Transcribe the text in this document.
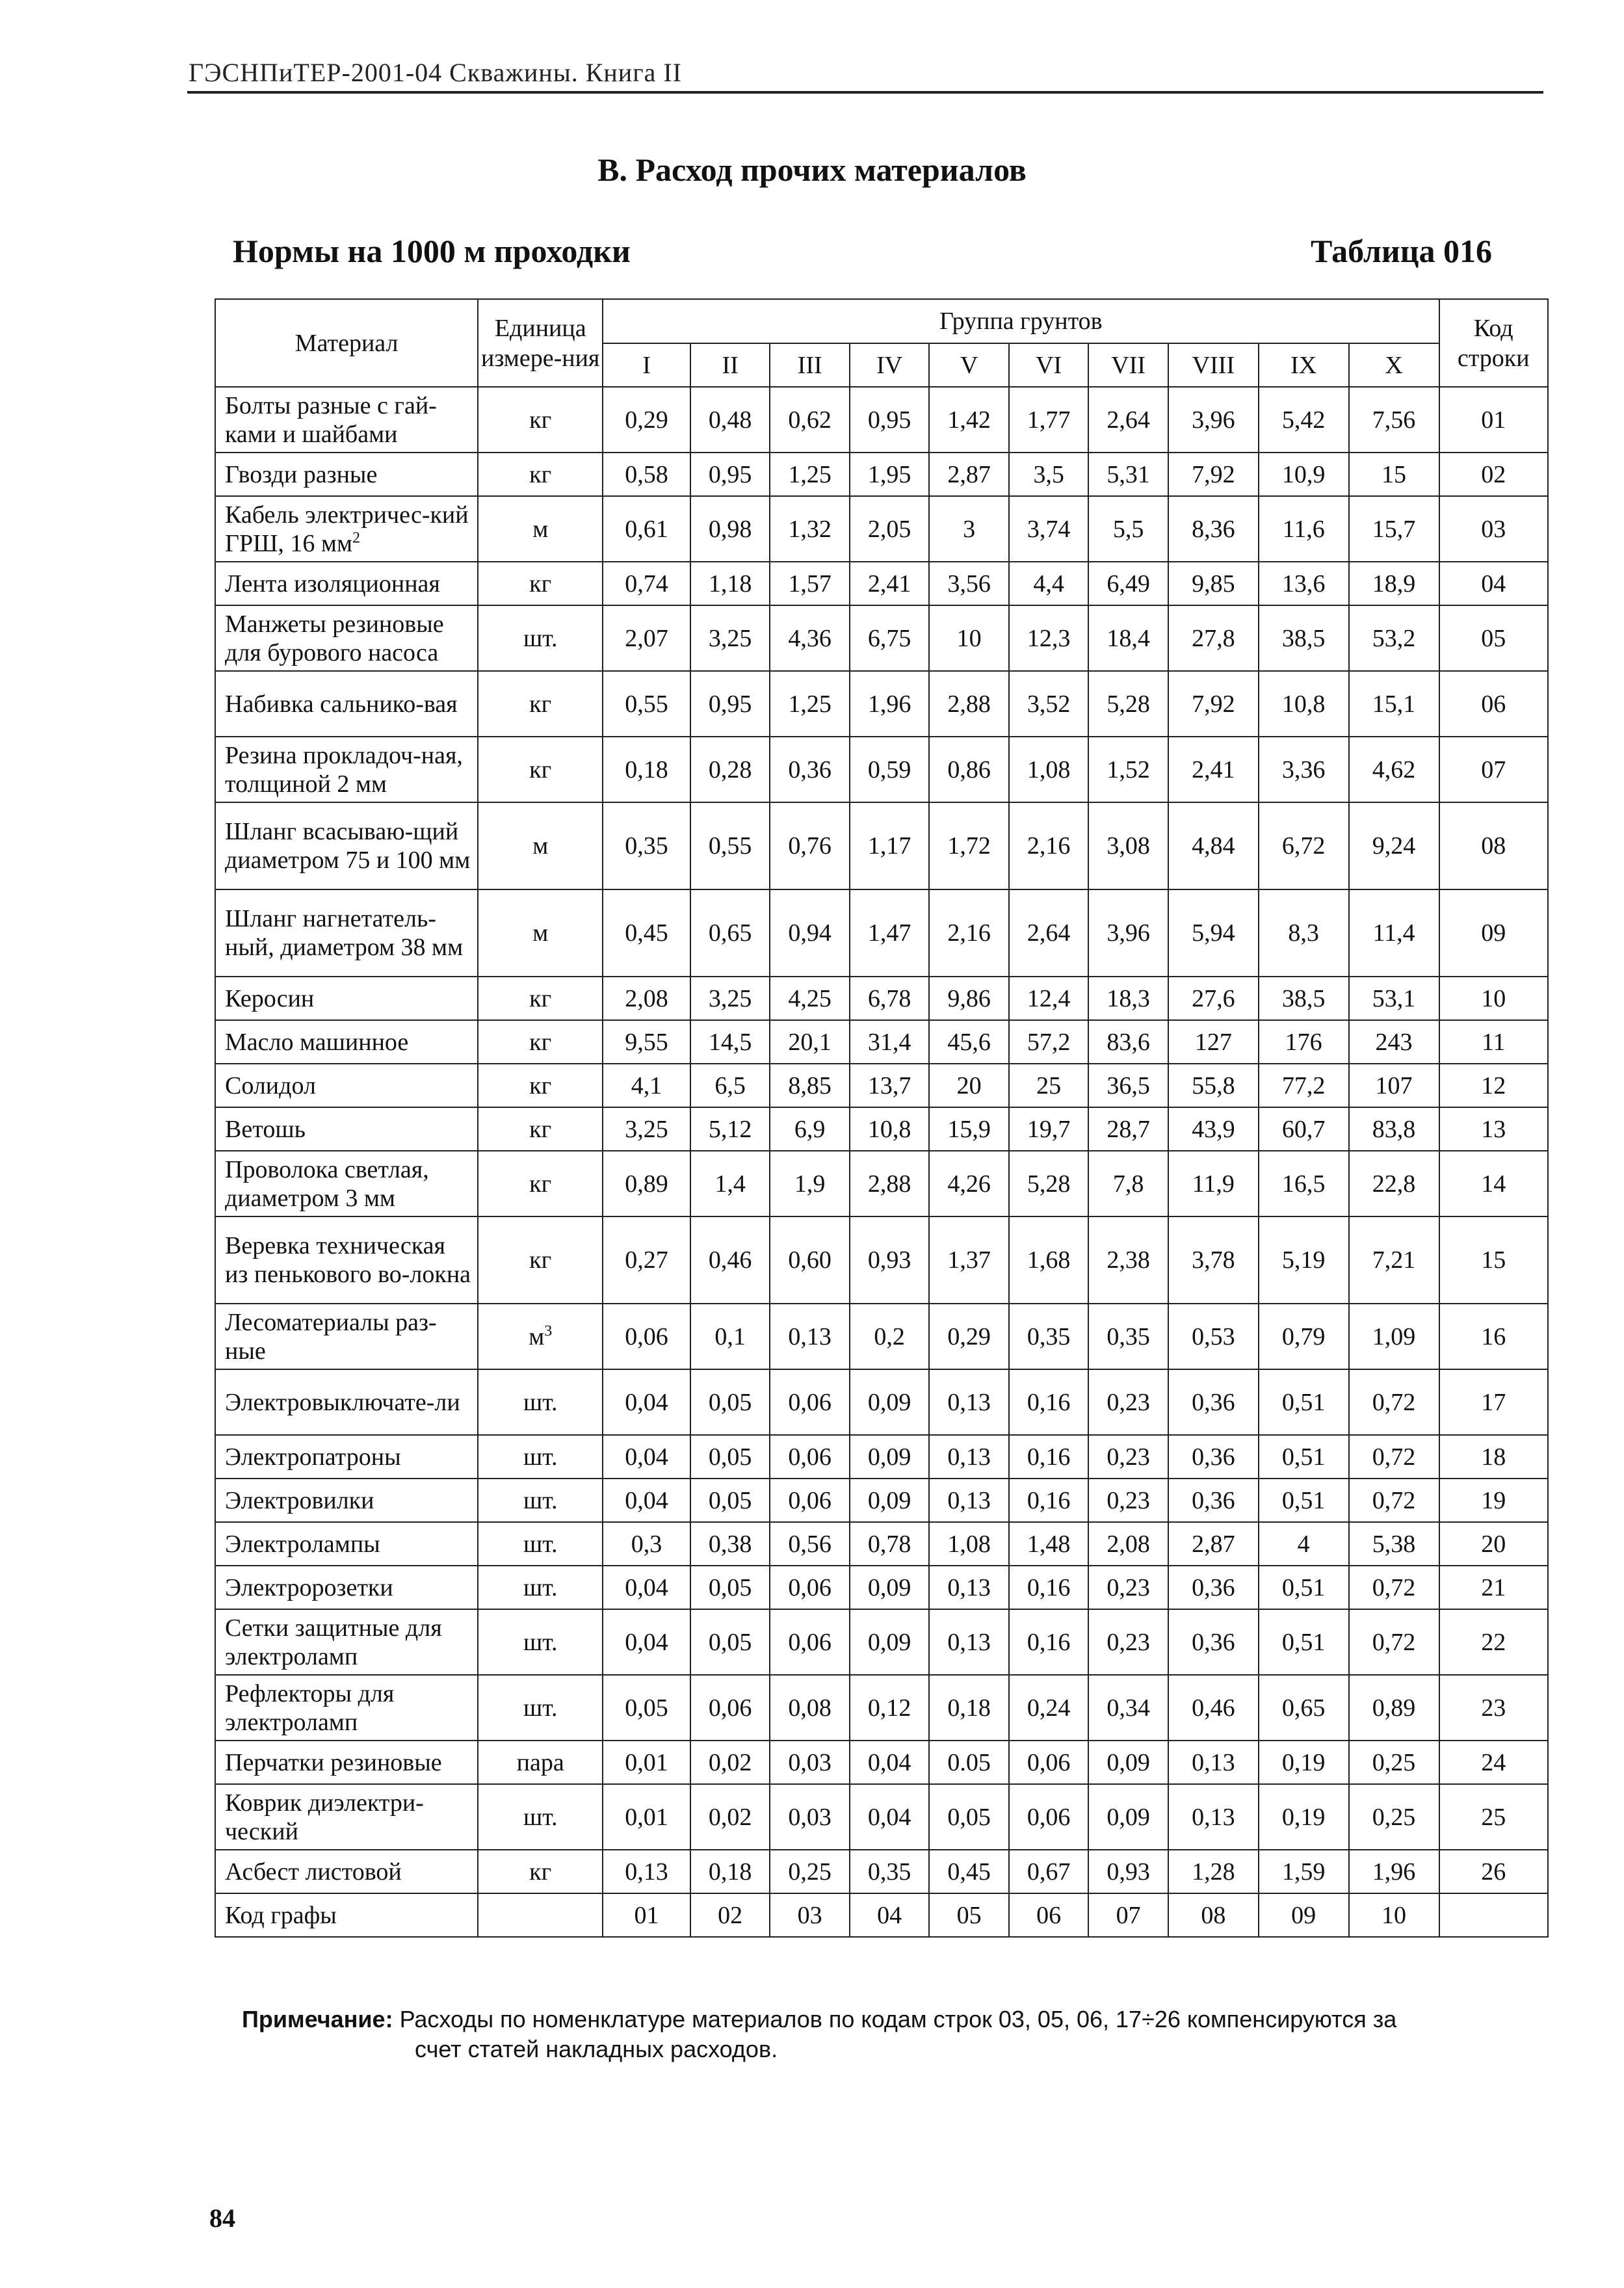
ГЭСНПиТЕР-2001-04 Скважины. Книга II
В. Расход прочих материалов
Нормы на 1000 м проходки	Таблица 016
Материал	Единица измере-ния	Группа грунтов										Код строки
		I	II	III	IV	V	VI	VII	VIII	IX	X	
Болты разные с гай-ками и шайбами	кг	0,29	0,48	0,62	0,95	1,42	1,77	2,64	3,96	5,42	7,56	01
Гвозди разные	кг	0,58	0,95	1,25	1,95	2,87	3,5	5,31	7,92	10,9	15	02
Кабель электричес-кий ГРШ, 16 $мм^2$	м	0,61	0,98	1,32	2,05	3	3,74	5,5	8,36	11,6	15,7	03
Лента изоляционная	кг	0,74	1,18	1,57	2,41	3,56	4,4	6,49	9,85	13,6	18,9	04
Манжеты резиновые для бурового насоса	шт.	2,07	3,25	4,36	6,75	10	12,3	18,4	27,8	38,5	53,2	05
Набивка сальнико-вая	кг	0,55	0,95	1,25	1,96	2,88	3,52	5,28	7,92	10,8	15,1	06
Резина прокладоч-ная, толщиной 2 мм	кг	0,18	0,28	0,36	0,59	0,86	1,08	1,52	2,41	3,36	4,62	07
Шланг всасываю-щий диаметром 75 и 100 мм	м	0,35	0,55	0,76	1,17	1,72	2,16	3,08	4,84	6,72	9,24	08
Шланг нагнетатель-ный, диаметром 38 мм	м	0,45	0,65	0,94	1,47	2,16	2,64	3,96	5,94	8,3	11,4	09
Керосин	кг	2,08	3,25	4,25	6,78	9,86	12,4	18,3	27,6	38,5	53,1	10
Масло машинное	кг	9,55	14,5	20,1	31,4	45,6	57,2	83,6	127	176	243	11
Солидол	кг	4,1	6,5	8,85	13,7	20	25	36,5	55,8	77,2	107	12
Ветошь	кг	3,25	5,12	6,9	10,8	15,9	19,7	28,7	43,9	60,7	83,8	13
Проволока светлая, диаметром 3 мм	кг	0,89	1,4	1,9	2,88	4,26	5,28	7,8	11,9	16,5	22,8	14
Веревка техническая из пенькового во-локна	кг	0,27	0,46	0,60	0,93	1,37	1,68	2,38	3,78	5,19	7,21	15
Лесоматериалы раз-ные	$м^3$	0,06	0,1	0,13	0,2	0,29	0,35	0,35	0,53	0,79	1,09	16
Электровыключате-ли	шт.	0,04	0,05	0,06	0,09	0,13	0,16	0,23	0,36	0,51	0,72	17
Электропатроны	шт.	0,04	0,05	0,06	0,09	0,13	0,16	0,23	0,36	0,51	0,72	18
Электровилки	шт.	0,04	0,05	0,06	0,09	0,13	0,16	0,23	0,36	0,51	0,72	19
Электролампы	шт.	0,3	0,38	0,56	0,78	1,08	1,48	2,08	2,87	4	5,38	20
Электророзетки	шт.	0,04	0,05	0,06	0,09	0,13	0,16	0,23	0,36	0,51	0,72	21
Сетки защитные для электроламп	шт.	0,04	0,05	0,06	0,09	0,13	0,16	0,23	0,36	0,51	0,72	22
Рефлекторы для электроламп	шт.	0,05	0,06	0,08	0,12	0,18	0,24	0,34	0,46	0,65	0,89	23
Перчатки резиновые	пара	0,01	0,02	0,03	0,04	0.05	0,06	0,09	0,13	0,19	0,25	24
Коврик диэлектри-ческий	шт.	0,01	0,02	0,03	0,04	0,05	0,06	0,09	0,13	0,19	0,25	25
Асбест листовой	кг	0,13	0,18	0,25	0,35	0,45	0,67	0,93	1,28	1,59	1,96	26
Код графы		01	02	03	04	05	06	07	08	09	10	
Примечание: Расходы по номенклатуре материалов по кодам строк 03, 05, 06, 17÷26 компенсируются за
счет статей накладных расходов.
84
